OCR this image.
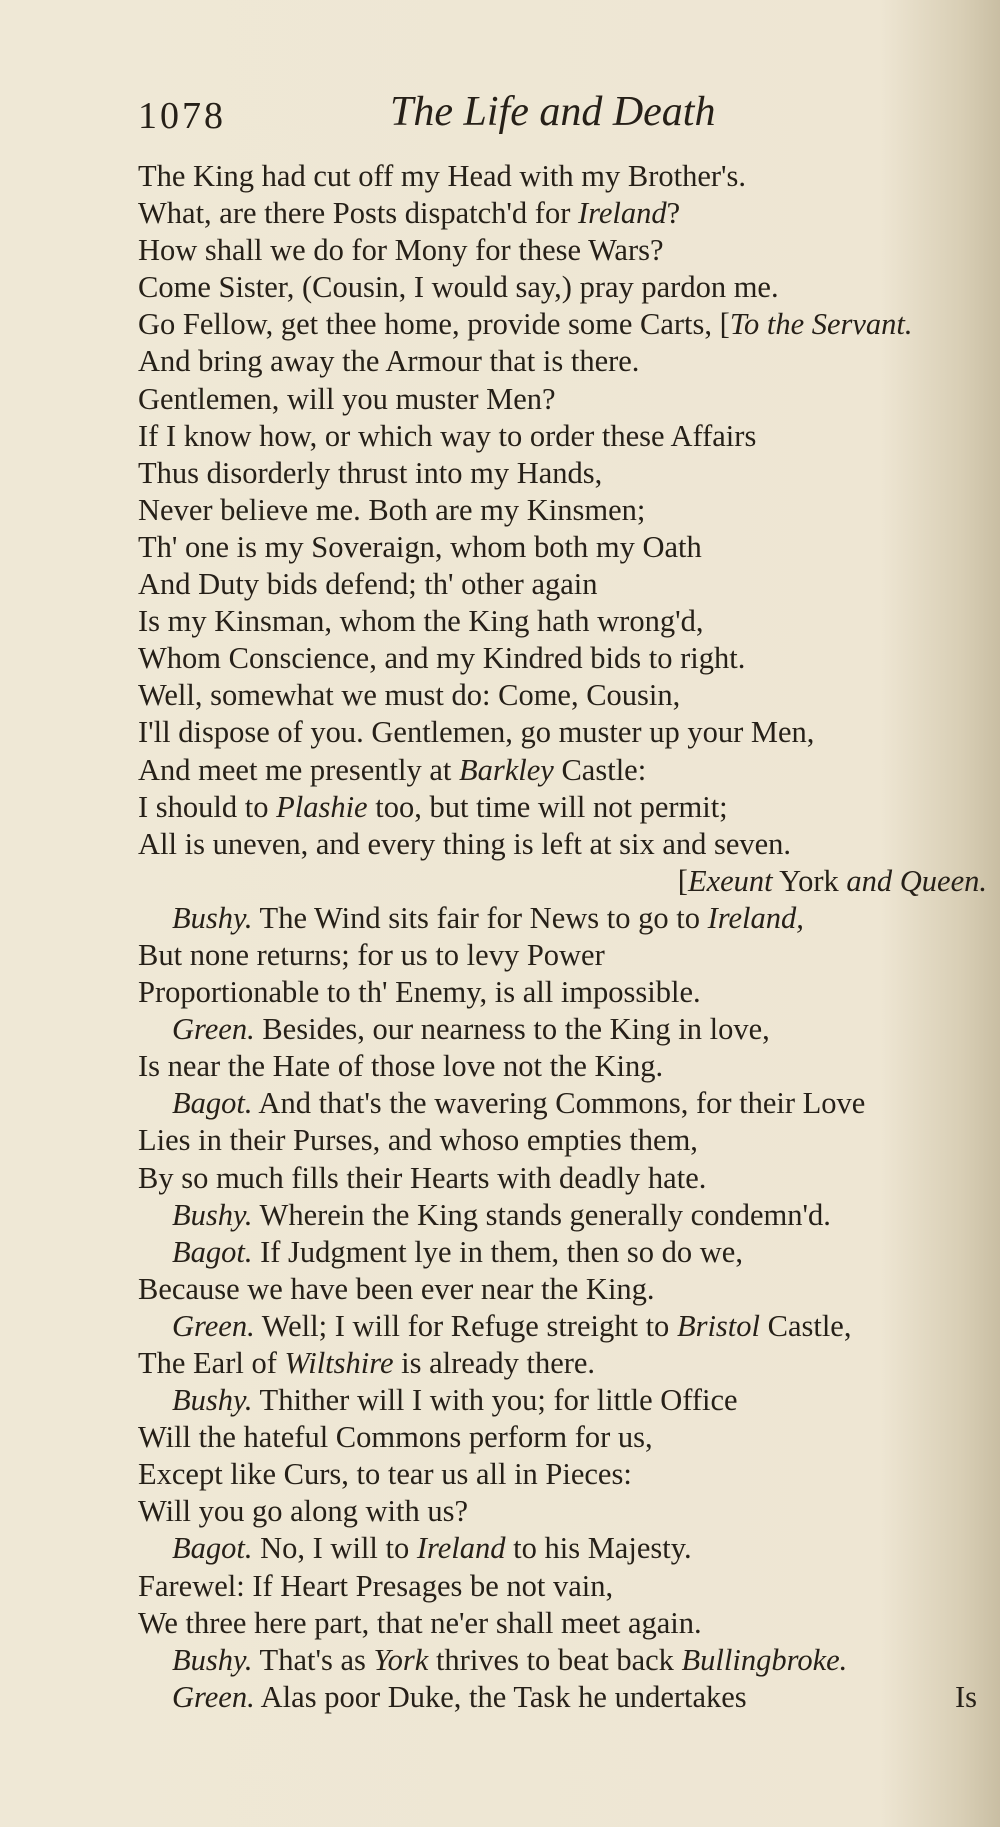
1078	The Life and Death
The King had cut off my Head with my Brother's.
What, are there Posts dispatch'd for Ireland?
How shall we do for Mony for these Wars?
Come Sister, (Cousin, I would say,) pray pardon me.
Go Fellow, get thee home, provide some Carts, [To the Servant.
And bring away the Armour that is there.
Gentlemen, will you muster Men?
If I know how, or which way to order these Affairs
Thus disorderly thrust into my Hands,
Never believe me. Both are my Kinsmen;
Th' one is my Soveraign, whom both my Oath
And Duty bids defend; th' other again
Is my Kinsman, whom the King hath wrong'd,
Whom Conscience, and my Kindred bids to right.
Well, somewhat we must do: Come, Cousin,
I'll dispose of you. Gentlemen, go muster up your Men,
And meet me presently at Barkley Castle:
I should to Plashie too, but time will not permit;
All is uneven, and every thing is left at six and seven.
[Exeunt York and Queen.
Bushy. The Wind sits fair for News to go to Ireland,
But none returns; for us to levy Power
Proportionable to th' Enemy, is all impossible.
Green. Besides, our nearness to the King in love,
Is near the Hate of those love not the King.
Bagot. And that's the wavering Commons, for their Love
Lies in their Purses, and whoso empties them,
By so much fills their Hearts with deadly hate.
Bushy. Wherein the King stands generally condemn'd.
Bagot. If Judgment lye in them, then so do we,
Because we have been ever near the King.
Green. Well; I will for Refuge streight to Bristol Castle,
The Earl of Wiltshire is already there.
Bushy. Thither will I with you; for little Office
Will the hateful Commons perform for us,
Except like Curs, to tear us all in Pieces:
Will you go along with us?
Bagot. No, I will to Ireland to his Majesty.
Farewel: If Heart Presages be not vain,
We three here part, that ne'er shall meet again.
Bushy. That's as York thrives to beat back Bullingbroke.
Green. Alas poor Duke, the Task he undertakes	Is
